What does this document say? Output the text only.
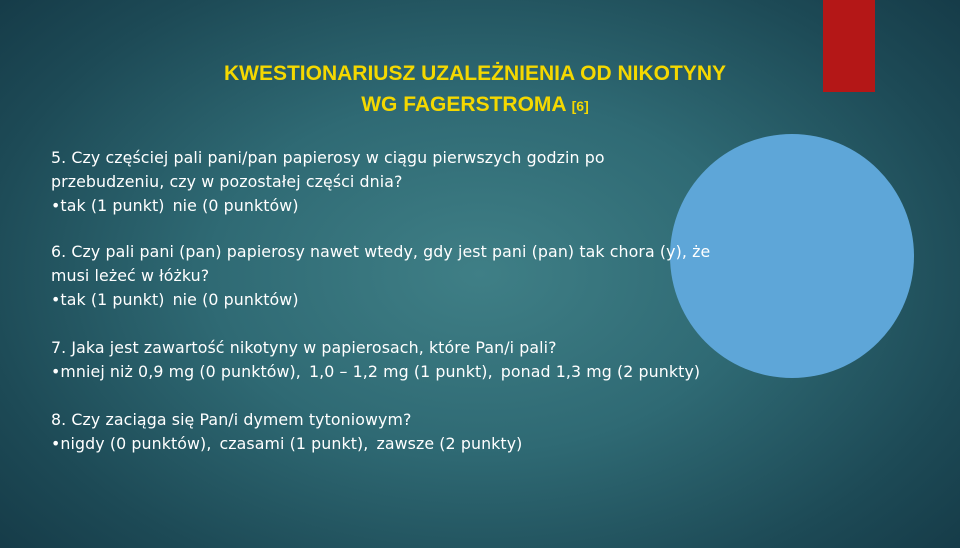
KWESTIONARIUSZ UZALEŻNIENIA OD NIKOTYNY
WG FAGERSTROMA [6]

5. Czy częściej pali pani/pan papierosy w ciągu pierwszych godzin po

przebudzeniu, czy w pozostałej części dnia?

•tak (1 punkt) nie (0 punktów)

6. Czy pali pani (pan) papierosy nawet wtedy, gdy jest pani (pan) tak chora (y), że

musi leżeć w łóżku?

•tak (1 punkt) nie (0 punktów)

7. Jaka jest zawartość nikotyny w papierosach, które Pan/i pali?

•mniej niż 0,9 mg (0 punktów), 1,0 – 1,2 mg (1 punkt), ponad 1,3 mg (2 punkty)

8. Czy zaciąga się Pan/i dymem tytoniowym?

•nigdy (0 punktów), czasami (1 punkt), zawsze (2 punkty)
